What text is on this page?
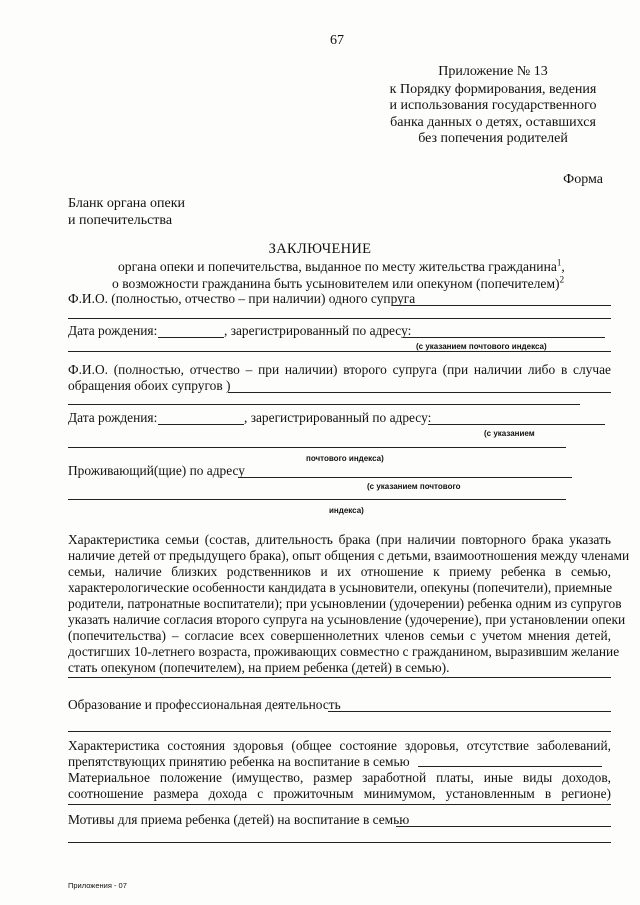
67
Приложение № 13
к Порядку формирования, ведения
и использования государственного
банка данных о детях, оставшихся
без попечения родителей
Форма
Бланк органа опеки
и попечительства
ЗАКЛЮЧЕНИЕ
органа опеки и попечительства, выданное по месту жительства гражданина$^1$,
о возможности гражданина быть усыновителем или опекуном (попечителем)$^2$
Ф.И.О. (полностью, отчество – при наличии) одного супруга
Дата рождения:	, зарегистрированный по адресу:
(с указанием почтового индекса)
Ф.И.О. (полностью, отчество – при наличии) второго супруга (при наличии либо в случае
обращения обоих супругов )
Дата рождения:	, зарегистрированный по адресу:
(с указанием
почтового индекса)
Проживающий(щие) по адресу
(с указанием почтового
индекса)
Характеристика семьи (состав, длительность брака (при наличии повторного брака указать
наличие детей от предыдущего брака), опыт общения с детьми, взаимоотношения между членами
семьи, наличие близких родственников и их отношение к приему ребенка в семью,
характерологические особенности кандидата в усыновители, опекуны (попечители), приемные
родители, патронатные воспитатели); при усыновлении (удочерении) ребенка одним из супругов
указать наличие согласия второго супруга на усыновление (удочерение), при установлении опеки
(попечительства) – согласие всех совершеннолетних членов семьи с учетом мнения детей,
достигших 10-летнего возраста, проживающих совместно с гражданином, выразившим желание
стать опекуном (попечителем), на прием ребенка (детей) в семью).
Образование и профессиональная деятельность
Характеристика состояния здоровья (общее состояние здоровья, отсутствие заболеваний,
препятствующих принятию ребенка на воспитание в семью
Материальное положение (имущество, размер заработной платы, иные виды доходов,
соотношение размера дохода с прожиточным минимумом, установленным в регионе)
Мотивы для приема ребенка (детей) на воспитание в семью
Приложения - 07
